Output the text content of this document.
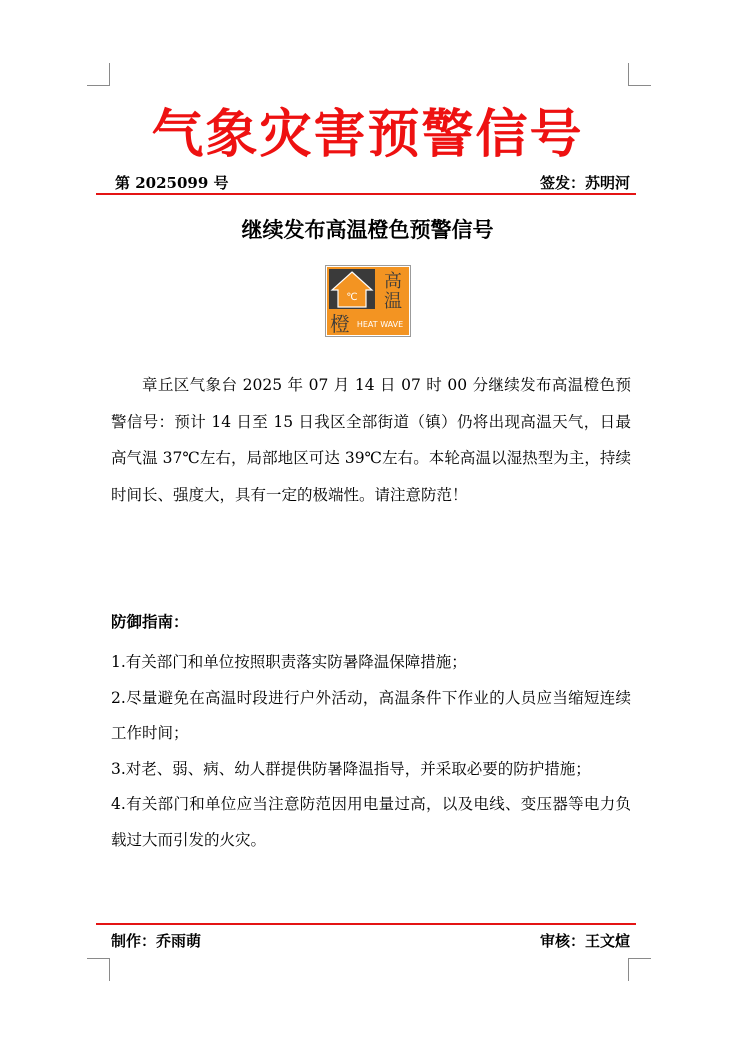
气象灾害预警信号
第 2025099 号	签发：苏明河
继续发布高温橙色预警信号
℃
高
温
橙 HEAT WAVE
章丘区气象台 2025 年 07 月 14 日 07 时 00 分继续发布高温橙色预警信号：预计 14 日至 15 日我区全部街道（镇）仍将出现高温天气，日最高气温 37℃左右，局部地区可达 39℃左右。本轮高温以湿热型为主，持续时间长、强度大，具有一定的极端性。请注意防范！
防御指南：
1.有关部门和单位按照职责落实防暑降温保障措施；
2.尽量避免在高温时段进行户外活动，高温条件下作业的人员应当缩短连续工作时间；
3.对老、弱、病、幼人群提供防暑降温指导，并采取必要的防护措施；
4.有关部门和单位应当注意防范因用电量过高，以及电线、变压器等电力负载过大而引发的火灾。
制作：乔雨萌	审核：王文煊
